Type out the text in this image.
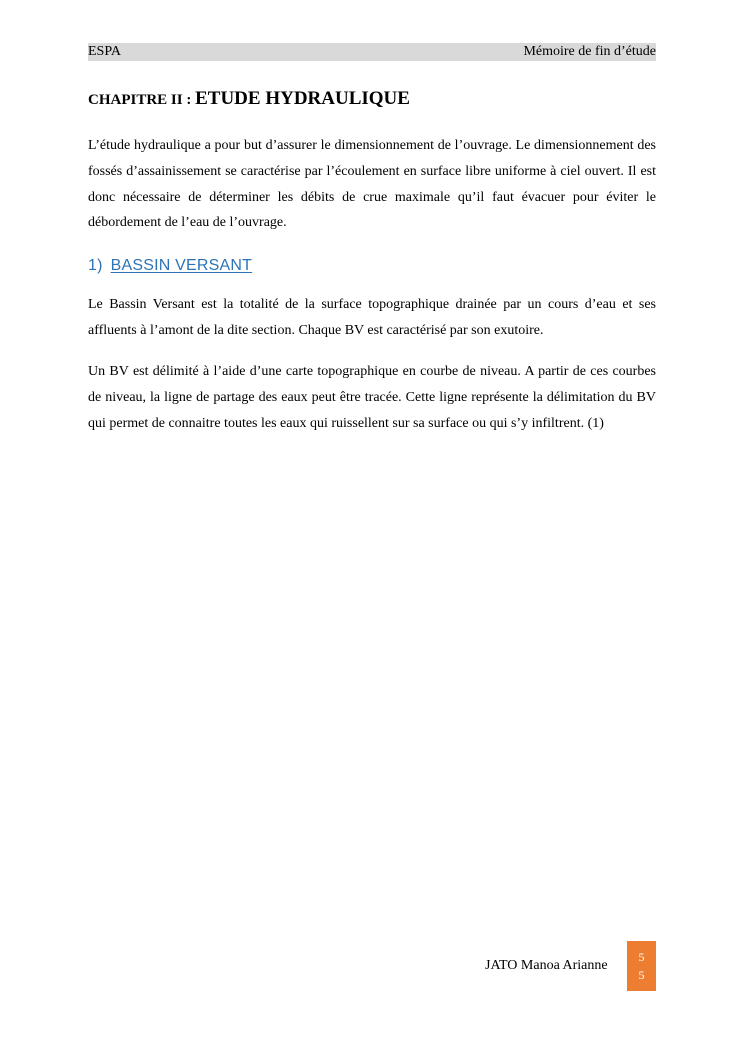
ESPA	Mémoire de fin d’étude
CHAPITRE II : ETUDE HYDRAULIQUE

L’étude hydraulique a pour but d’assurer le dimensionnement de l’ouvrage. Le dimensionnement des fossés d’assainissement se caractérise par l’écoulement en surface libre uniforme à ciel ouvert. Il est donc nécessaire de déterminer les débits de crue maximale qu’il faut évacuer pour éviter le débordement de l’eau de l’ouvrage.

1) BASSIN VERSANT

Le Bassin Versant est la totalité de la surface topographique drainée par un cours d’eau et ses affluents à l’amont de la dite section. Chaque BV est caractérisé par son exutoire.

Un BV est délimité à l’aide d’une carte topographique en courbe de niveau. A partir de ces courbes de niveau, la ligne de partage des eaux peut être tracée. Cette ligne représente la délimitation du BV qui permet de connaitre toutes les eaux qui ruissellent sur sa surface ou qui s’y infiltrent. (1)

JATO Manoa Arianne
5
5
